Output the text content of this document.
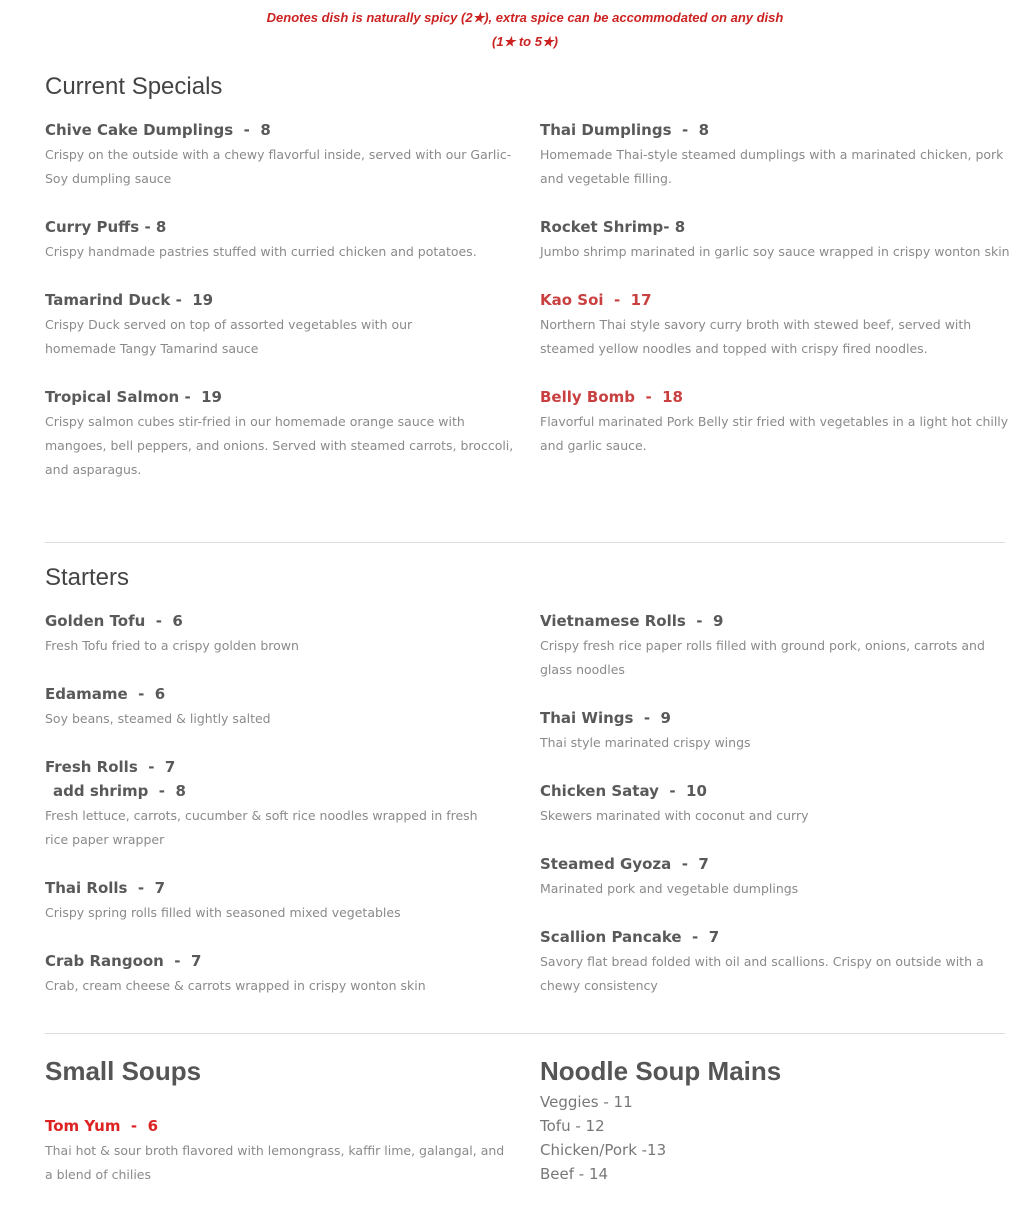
Denotes dish is naturally spicy (2★), extra spice can be accommodated on any dish
(1★ to 5★)
Current Specials
Chive Cake Dumplings  -  8
Crispy on the outside with a chewy flavorful inside, served with our Garlic-Soy dumpling sauce
Curry Puffs - 8
Crispy handmade pastries stuffed with curried chicken and potatoes.
Tamarind Duck -  19
Crispy Duck served on top of assorted vegetables with our homemade Tangy Tamarind sauce
Tropical Salmon -  19
Crispy salmon cubes stir-fried in our homemade orange sauce with mangoes, bell peppers, and onions. Served with steamed carrots, broccoli, and asparagus.
Thai Dumplings  -  8
Homemade Thai-style steamed dumplings with a marinated chicken, pork and vegetable filling.
Rocket Shrimp- 8
Jumbo shrimp marinated in garlic soy sauce wrapped in crispy wonton skin
Kao Soi  -  17
Northern Thai style savory curry broth with stewed beef, served with steamed yellow noodles and topped with crispy fired noodles.
Belly Bomb  -  18
Flavorful marinated Pork Belly stir fried with vegetables in a light hot chilly and garlic sauce.
Starters
Golden Tofu  -  6
Fresh Tofu fried to a crispy golden brown
Edamame  -  6
Soy beans, steamed & lightly salted
Fresh Rolls  -  7
add shrimp  -  8
Fresh lettuce, carrots, cucumber & soft rice noodles wrapped in fresh rice paper wrapper
Thai Rolls  -  7
Crispy spring rolls filled with seasoned mixed vegetables
Crab Rangoon  -  7
Crab, cream cheese & carrots wrapped in crispy wonton skin
Vietnamese Rolls  -  9
Crispy fresh rice paper rolls filled with ground pork, onions, carrots and glass noodles
Thai Wings  -  9
Thai style marinated crispy wings
Chicken Satay  -  10
Skewers marinated with coconut and curry
Steamed Gyoza  -  7
Marinated pork and vegetable dumplings
Scallion Pancake  -  7
Savory flat bread folded with oil and scallions. Crispy on outside with a chewy consistency
Small Soups
Tom Yum  -  6
Thai hot & sour broth flavored with lemongrass, kaffir lime, galangal, and a blend of chilies
Noodle Soup Mains
Veggies - 11
Tofu - 12
Chicken/Pork -13
Beef - 14
